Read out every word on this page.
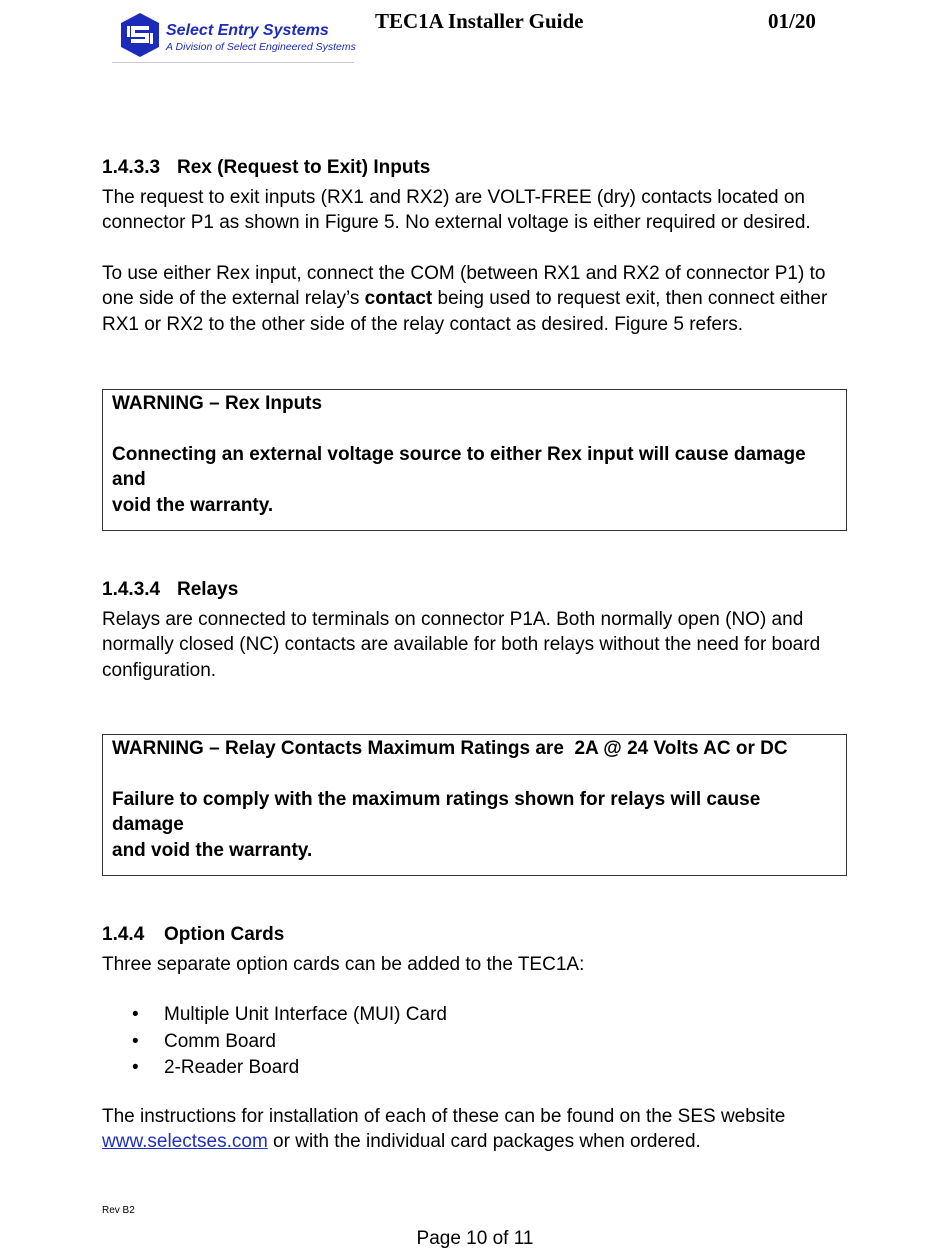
Select Entry Systems
A Division of Select Engineered Systems
TEC1A Installer Guide	01/20
1.4.3.3 Rex (Request to Exit) Inputs

The request to exit inputs (RX1 and RX2) are VOLT-FREE (dry) contacts located on
connector P1 as shown in Figure 5. No external voltage is either required or desired.

To use either Rex input, connect the COM (between RX1 and RX2 of connector P1) to
one side of the external relay’s contact being used to request exit, then connect either
RX1 or RX2 to the other side of the relay contact as desired. Figure 5 refers.

WARNING – Rex Inputs
Connecting an external voltage source to either Rex input will cause damage and
void the warranty.
1.4.3.4 Relays

Relays are connected to terminals on connector P1A. Both normally open (NO) and
normally closed (NC) contacts are available for both relays without the need for board
configuration.

WARNING – Relay Contacts Maximum Ratings are  2A @ 24 Volts AC or DC
Failure to comply with the maximum ratings shown for relays will cause damage
and void the warranty.
1.4.4 Option Cards

Three separate option cards can be added to the TEC1A:

• Multiple Unit Interface (MUI) Card
• Comm Board
• 2-Reader Board

The instructions for installation of each of these can be found on the SES website
www.selectses.com or with the individual card packages when ordered.

Rev B2
Page 10 of 11
